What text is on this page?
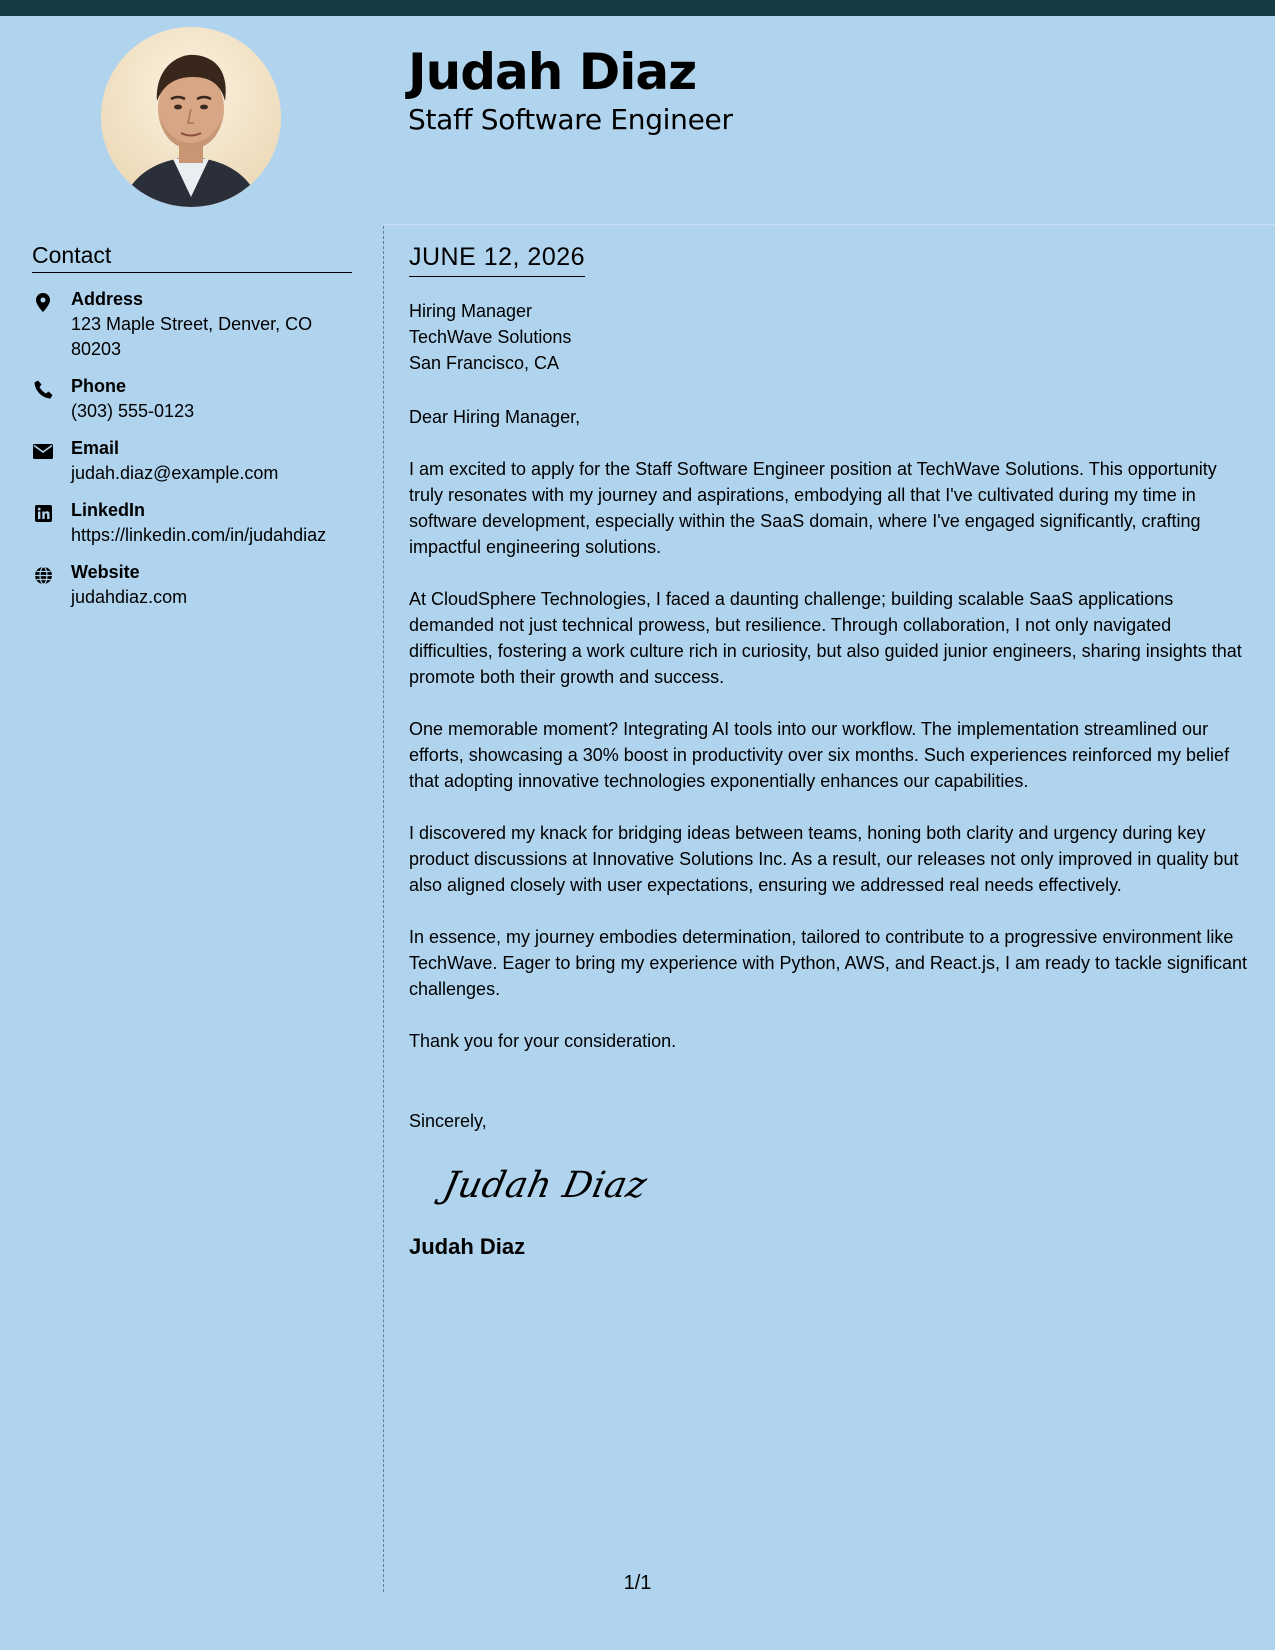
Judah Diaz
Staff Software Engineer
Contact
Address
123 Maple Street, Denver, CO 80203
Phone
(303) 555-0123
Email
judah.diaz@example.com
LinkedIn
https://linkedin.com/in/judahdiaz
Website
judahdiaz.com
JUNE 12, 2026
Hiring Manager
TechWave Solutions
San Francisco, CA
Dear Hiring Manager,

I am excited to apply for the Staff Software Engineer position at TechWave Solutions. This opportunity truly resonates with my journey and aspirations, embodying all that I've cultivated during my time in software development, especially within the SaaS domain, where I've engaged significantly, crafting impactful engineering solutions.

At CloudSphere Technologies, I faced a daunting challenge; building scalable SaaS applications demanded not just technical prowess, but resilience. Through collaboration, I not only navigated difficulties, fostering a work culture rich in curiosity, but also guided junior engineers, sharing insights that promote both their growth and success.

One memorable moment? Integrating AI tools into our workflow. The implementation streamlined our efforts, showcasing a 30% boost in productivity over six months. Such experiences reinforced my belief that adopting innovative technologies exponentially enhances our capabilities.

I discovered my knack for bridging ideas between teams, honing both clarity and urgency during key product discussions at Innovative Solutions Inc. As a result, our releases not only improved in quality but also aligned closely with user expectations, ensuring we addressed real needs effectively.

In essence, my journey embodies determination, tailored to contribute to a progressive environment like TechWave. Eager to bring my experience with Python, AWS, and React.js, I am ready to tackle significant challenges.

Thank you for your consideration.

Sincerely,
Judah Diaz
Judah Diaz
1/1
